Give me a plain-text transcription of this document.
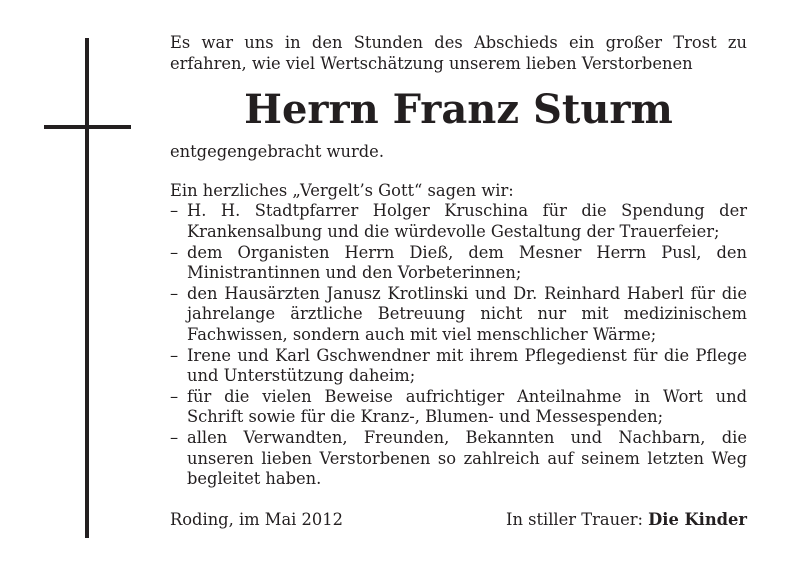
Es war uns in den Stunden des Abschieds ein großer Trost zu erfahren, wie viel Wertschätzung unserem lieben Verstorbenen

Herrn Franz Sturm

entgegengebracht wurde.

Ein herzliches „Vergelt’s Gott“ sagen wir:

– H. H. Stadtpfarrer Holger Kruschina für die Spendung der Krankensalbung und die würdevolle Gestaltung der Trauerfeier;
– dem Organisten Herrn Dieß, dem Mesner Herrn Pusl, den Ministrantinnen und den Vorbeterinnen;
– den Hausärzten Janusz Krotlinski und Dr. Reinhard Haberl für die jahrelange ärztliche Betreuung nicht nur mit medizinischem Fachwissen, sondern auch mit viel menschlicher Wärme;
– Irene und Karl Gschwendner mit ihrem Pflegedienst für die Pflege und Unterstützung daheim;
– für die vielen Beweise aufrichtiger Anteilnahme in Wort und Schrift sowie für die Kranz-, Blumen- und Messespenden;
– allen Verwandten, Freunden, Bekannten und Nachbarn, die unseren lieben Verstorbenen so zahlreich auf seinem letzten Weg begleitet haben.
Roding, im Mai 2012	In stiller Trauer: Die Kinder
